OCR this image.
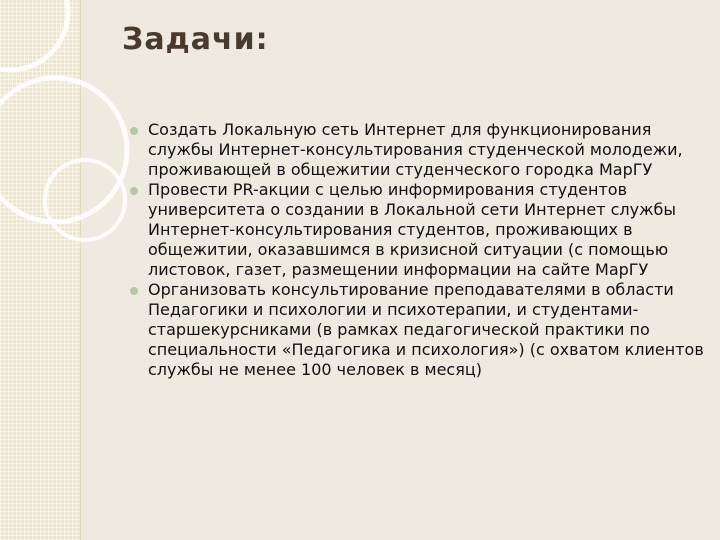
Задачи:
Создать Локальную сеть Интернет для функционирования службы Интернет-консультирования студенческой молодежи, проживающей в общежитии студенческого городка МарГУ
Провести PR-акции с целью информирования студентов университета о создании в Локальной сети Интернет службы Интернет-консультирования студентов, проживающих в общежитии, оказавшимся в кризисной ситуации (с помощью листовок, газет, размещении информации на сайте МарГУ
Организовать консультирование преподавателями в области Педагогики и психологии и психотерапии, и студентами- старшекурсниками (в рамках педагогической практики по специальности «Педагогика и психология») (с охватом клиентов службы не менее 100 человек в месяц)
